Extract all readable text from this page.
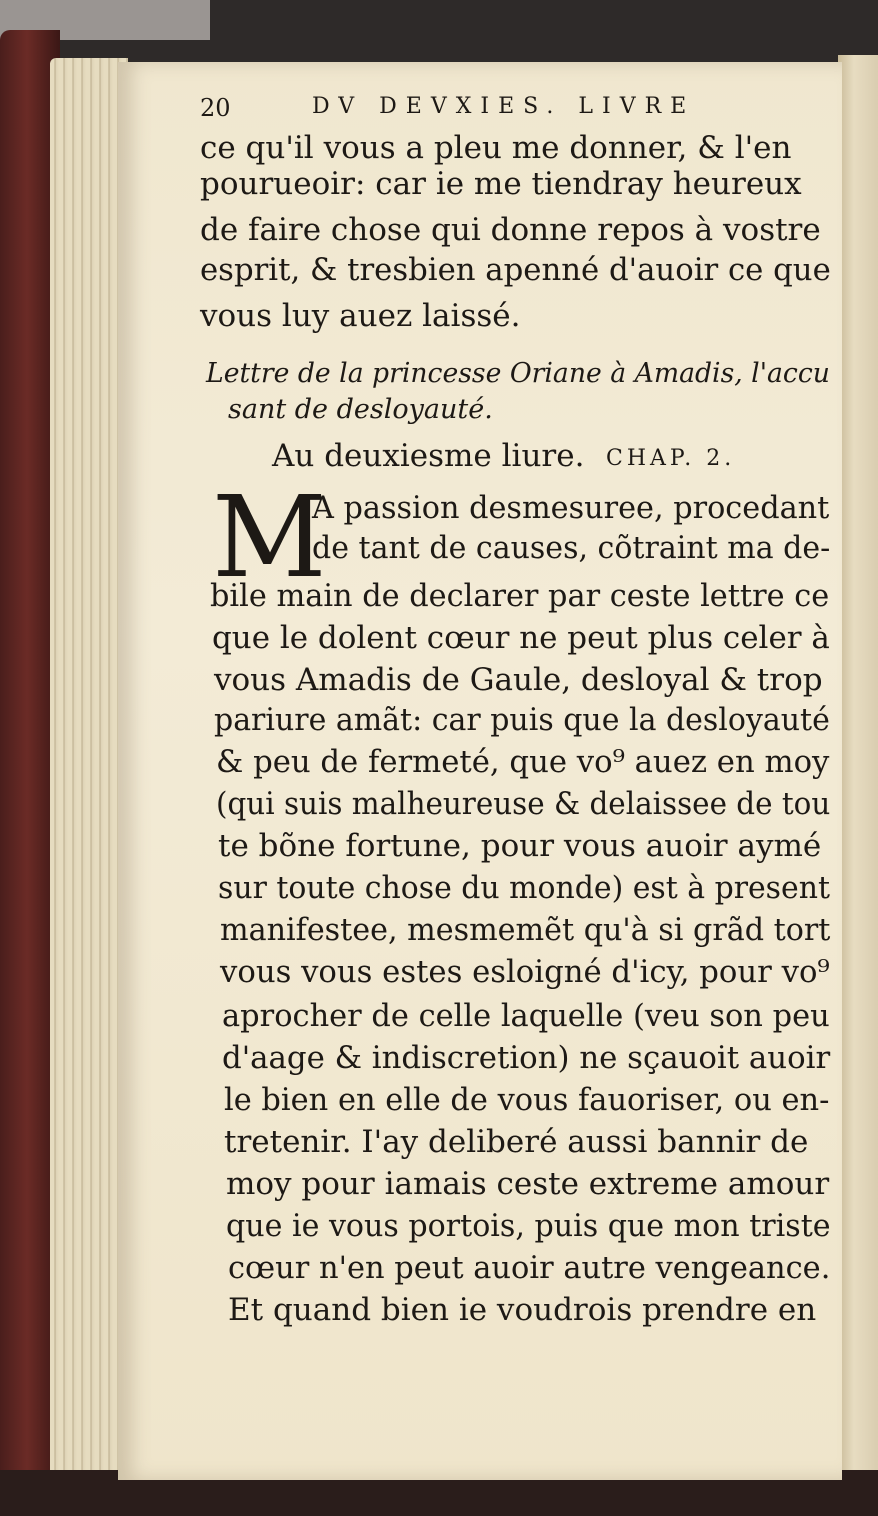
20	DV DEVXIES. LIVRE

ce qu'il vous a pleu me donner, & l'en

pourueoir: car ie me tiendray heureux

de faire chose qui donne repos à vostre

esprit, & tresbien apenné d'auoir ce que

vous luy auez laissé.

Lettre de la princesse Oriane à Amadis, l'accu

sant de desloyauté.

Au deuxiesme liure. CHAP. 2.

M

A passion desmesuree, procedant

de tant de causes, cõtraint ma de-

bile main de declarer par ceste lettre ce

que le dolent cœur ne peut plus celer à

vous Amadis de Gaule, desloyal & trop

pariure amãt: car puis que la desloyauté

& peu de fermeté, que vo⁹ auez en moy

(qui suis malheureuse & delaissee de tou

te bõne fortune, pour vous auoir aymé

sur toute chose du monde) est à present

manifestee, mesmemẽt qu'à si grãd tort

vous vous estes esloigné d'icy, pour vo⁹

aprocher de celle laquelle (veu son peu

d'aage & indiscretion) ne sçauoit auoir

le bien en elle de vous fauoriser, ou en-

tretenir. I'ay deliberé aussi bannir de

moy pour iamais ceste extreme amour

que ie vous portois, puis que mon triste

cœur n'en peut auoir autre vengeance.

Et quand bien ie voudrois prendre en
